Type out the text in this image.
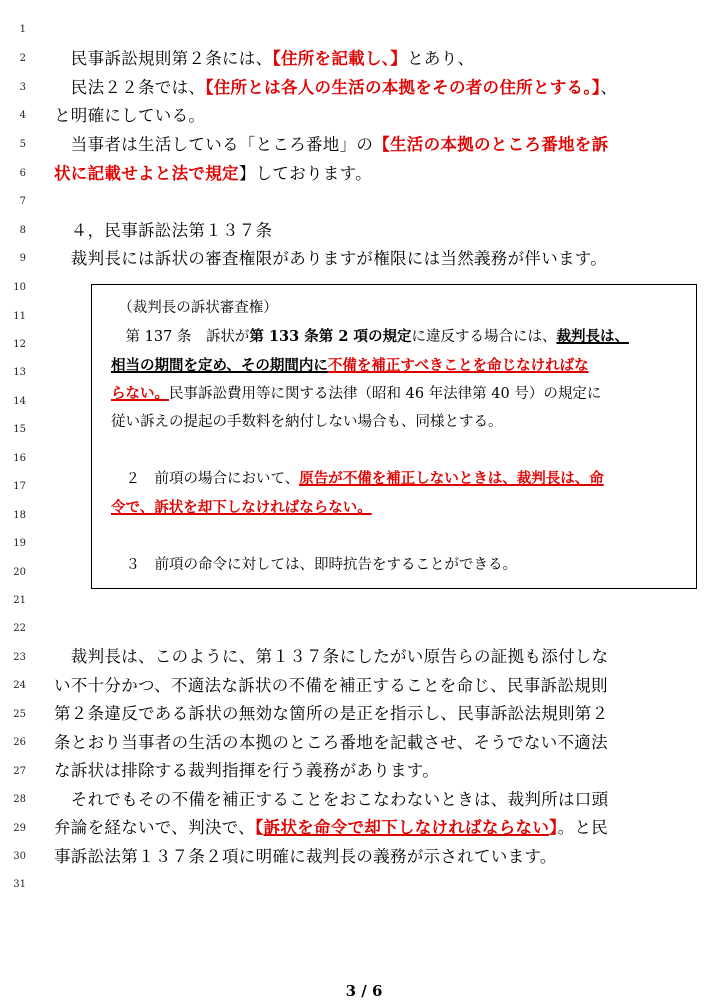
1
2
3
4
5
6
7
8
9
10
11
12
13
14
15
16
17
18
19
20
21
22
23
24
25
26
27
28
29
30
31
　民事訴訟規則第２条には、【住所を記載し、】とあり、
　民法２２条では、【住所とは各人の生活の本拠をその者の住所とする。】、
と明確にしている。
　当事者は生活している「ところ番地」の【生活の本拠のところ番地を訴
状に記載せよと法で規定】しております。
　４，民事訴訟法第１３７条
　裁判長には訴状の審査権限がありますが権限には当然義務が伴います。
　（裁判長の訴状審査権）
　第 137 条　訴状が第 133 条第 2 項の規定に違反する場合には、裁判長は、
相当の期間を定め、その期間内に不備を補正すべきことを命じなければな
らない。民事訴訟費用等に関する法律（昭和 46 年法律第 40 号）の規定に
従い訴えの提起の手数料を納付しない場合も、同様とする。
　２　前項の場合において、原告が不備を補正しないときは、裁判長は、命
令で、訴状を却下しなければならない。
　３　前項の命令に対しては、即時抗告をすることができる。
　裁判長は、このように、第１３７条にしたがい原告らの証拠も添付しな
い不十分かつ、不適法な訴状の不備を補正することを命じ、民事訴訟規則
第２条違反である訴状の無効な箇所の是正を指示し、民事訴訟法規則第２
条とおり当事者の生活の本拠のところ番地を記載させ、そうでない不適法
な訴状は排除する裁判指揮を行う義務があります。
　それでもその不備を補正することをおこなわないときは、裁判所は口頭
弁論を経ないで、判決で、【訴状を命令で却下しなければならない】。と民
事訴訟法第１３７条２項に明確に裁判長の義務が示されています。
3 / 6
